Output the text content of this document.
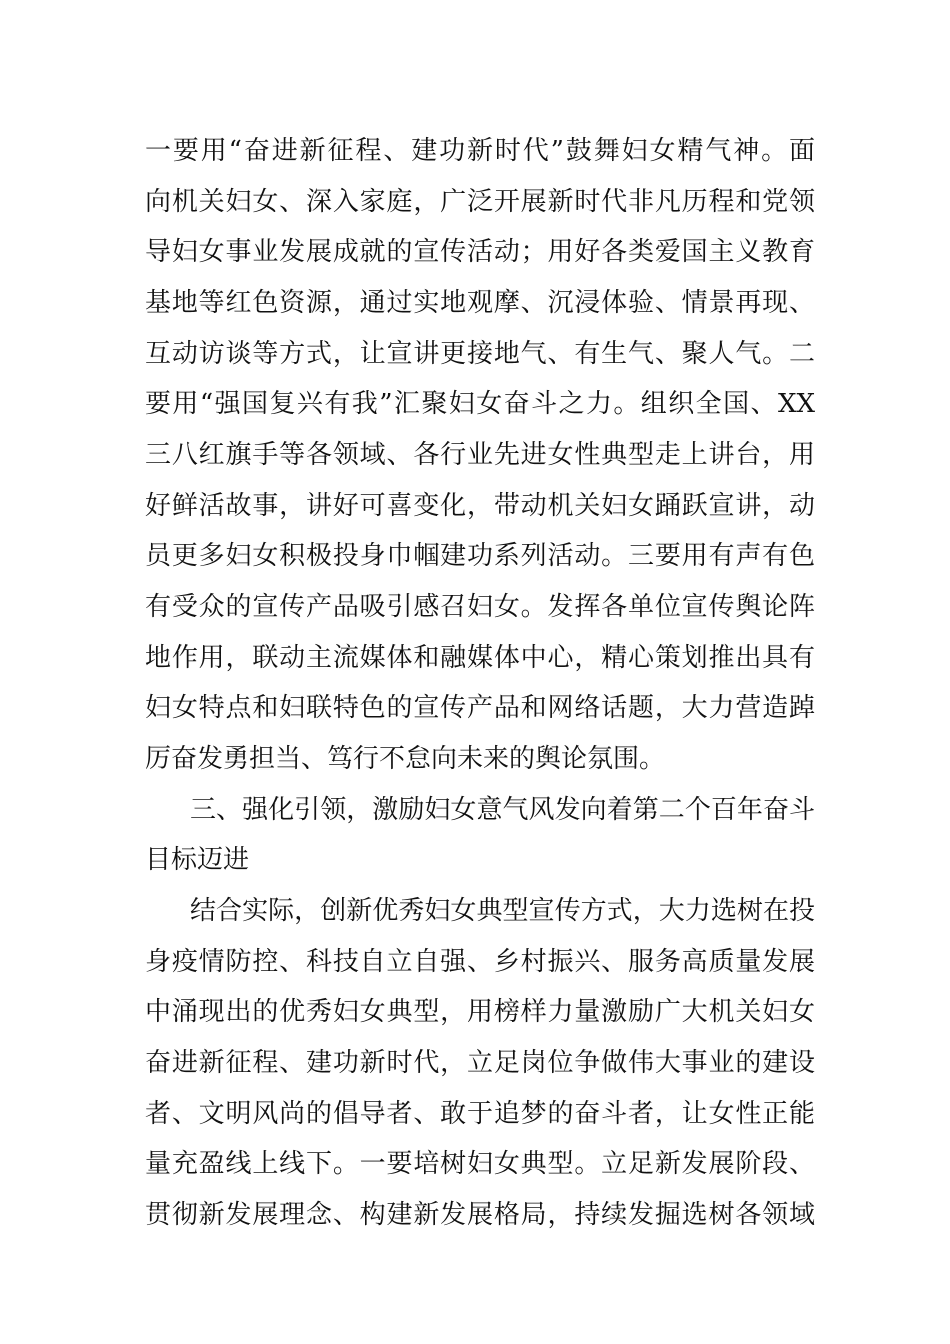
一要用“奋进新征程、建功新时代”鼓舞妇女精气神。面
向机关妇女、深入家庭，广泛开展新时代非凡历程和党领
导妇女事业发展成就的宣传活动；用好各类爱国主义教育
基地等红色资源，通过实地观摩、沉浸体验、情景再现、
互动访谈等方式，让宣讲更接地气、有生气、聚人气。二
要用“强国复兴有我”汇聚妇女奋斗之力。组织全国、XX
三八红旗手等各领域、各行业先进女性典型走上讲台，用
好鲜活故事，讲好可喜变化，带动机关妇女踊跃宣讲，动
员更多妇女积极投身巾帼建功系列活动。三要用有声有色
有受众的宣传产品吸引感召妇女。发挥各单位宣传舆论阵
地作用，联动主流媒体和融媒体中心，精心策划推出具有
妇女特点和妇联特色的宣传产品和网络话题，大力营造踔
厉奋发勇担当、笃行不怠向未来的舆论氛围。
三、强化引领，激励妇女意气风发向着第二个百年奋斗
目标迈进
结合实际，创新优秀妇女典型宣传方式，大力选树在投
身疫情防控、科技自立自强、乡村振兴、服务高质量发展
中涌现出的优秀妇女典型，用榜样力量激励广大机关妇女
奋进新征程、建功新时代，立足岗位争做伟大事业的建设
者、文明风尚的倡导者、敢于追梦的奋斗者，让女性正能
量充盈线上线下。一要培树妇女典型。立足新发展阶段、
贯彻新发展理念、构建新发展格局，持续发掘选树各领域
